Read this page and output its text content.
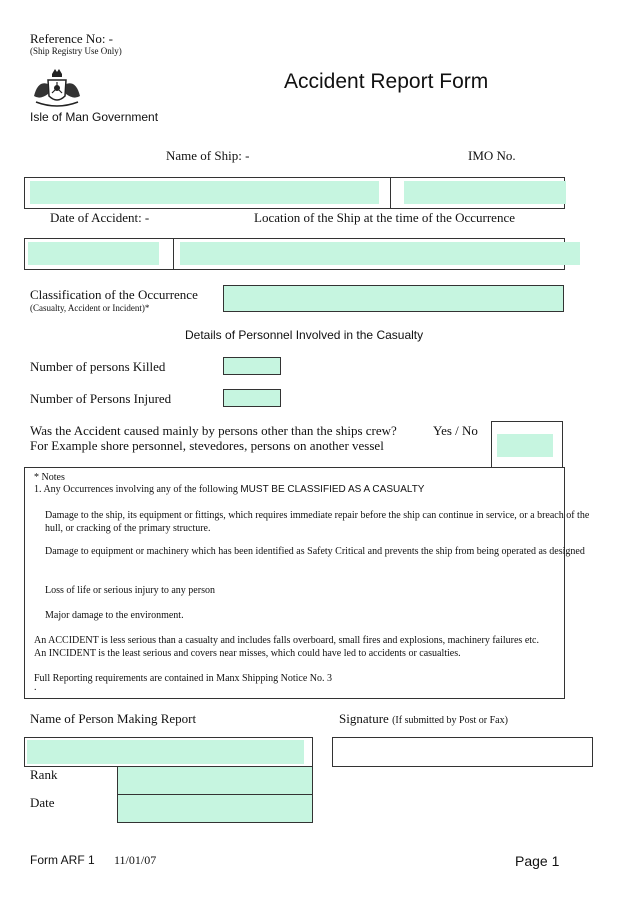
Reference No: -
(Ship Registry Use Only)
Accident Report Form
Isle of Man Government
Name of Ship: -	IMO No.
Date of Accident: -	Location of the Ship at the time of the Occurrence
Classification of the Occurrence
(Casualty, Accident or Incident)*
Details of Personnel Involved in the Casualty
Number of persons Killed
Number of Persons Injured
Was the Accident caused mainly by persons other than the ships crew?
For Example shore personnel, stevedores, persons on another vessel
Yes / No
* Notes
1. Any Occurrences involving any of the following MUST BE CLASSIFIED AS A CASUALTY
Damage to the ship, its equipment or fittings, which requires immediate repair before the ship can continue in service, or a breach of the hull, or cracking of the primary structure.
Damage to equipment or machinery which has been identified as Safety Critical and prevents the ship from being operated as designed
Loss of life or serious injury to any person
Major damage to the environment.
An ACCIDENT is less serious than a casualty and includes falls overboard, small fires and explosions, machinery failures etc.
An INCIDENT is the least serious and covers near misses, which could have led to accidents or casualties.
Full Reporting requirements are contained in Manx Shipping Notice No. 3
.
Name of Person Making Report	Signature (If submitted by Post or Fax)
Rank
Date
Form ARF 1 11/01/07	Page 1
